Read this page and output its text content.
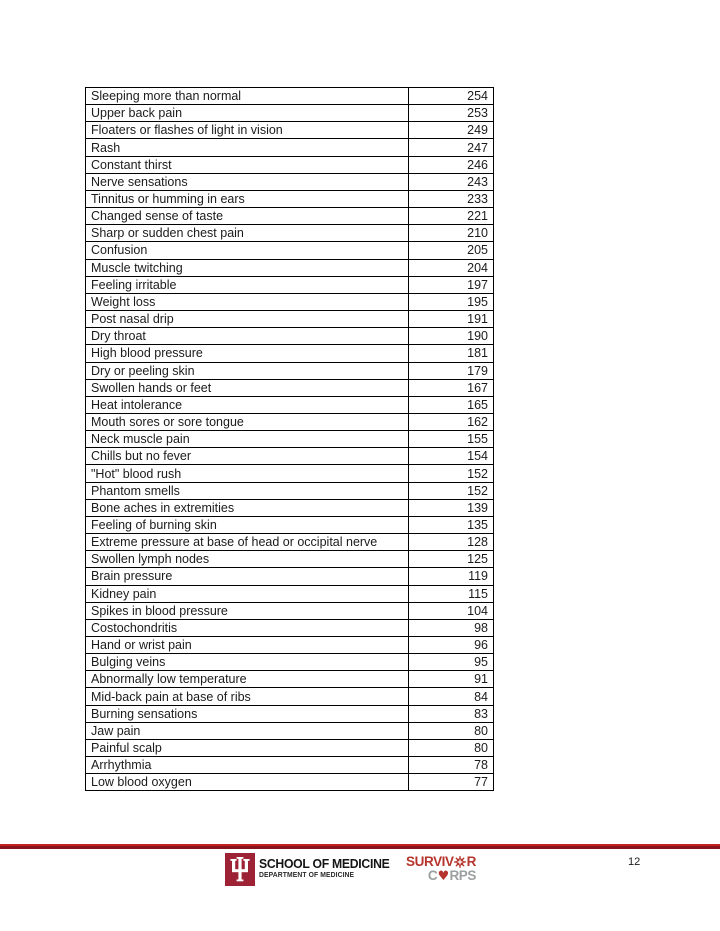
Sleeping more than normal	254
Upper back pain	253
Floaters or flashes of light in vision	249
Rash	247
Constant thirst	246
Nerve sensations	243
Tinnitus or humming in ears	233
Changed sense of taste	221
Sharp or sudden chest pain	210
Confusion	205
Muscle twitching	204
Feeling irritable	197
Weight loss	195
Post nasal drip	191
Dry throat	190
High blood pressure	181
Dry or peeling skin	179
Swollen hands or feet	167
Heat intolerance	165
Mouth sores or sore tongue	162
Neck muscle pain	155
Chills but no fever	154
"Hot" blood rush	152
Phantom smells	152
Bone aches in extremities	139
Feeling of burning skin	135
Extreme pressure at base of head or occipital nerve	128
Swollen lymph nodes	125
Brain pressure	119
Kidney pain	115
Spikes in blood pressure	104
Costochondritis	98
Hand or wrist pain	96
Bulging veins	95
Abnormally low temperature	91
Mid-back pain at base of ribs	84
Burning sensations	83
Jaw pain	80
Painful scalp	80
Arrhythmia	78
Low blood oxygen	77
SCHOOL OF MEDICINE
DEPARTMENT OF MEDICINE
SURVIV R
C ♥ RPS
12
